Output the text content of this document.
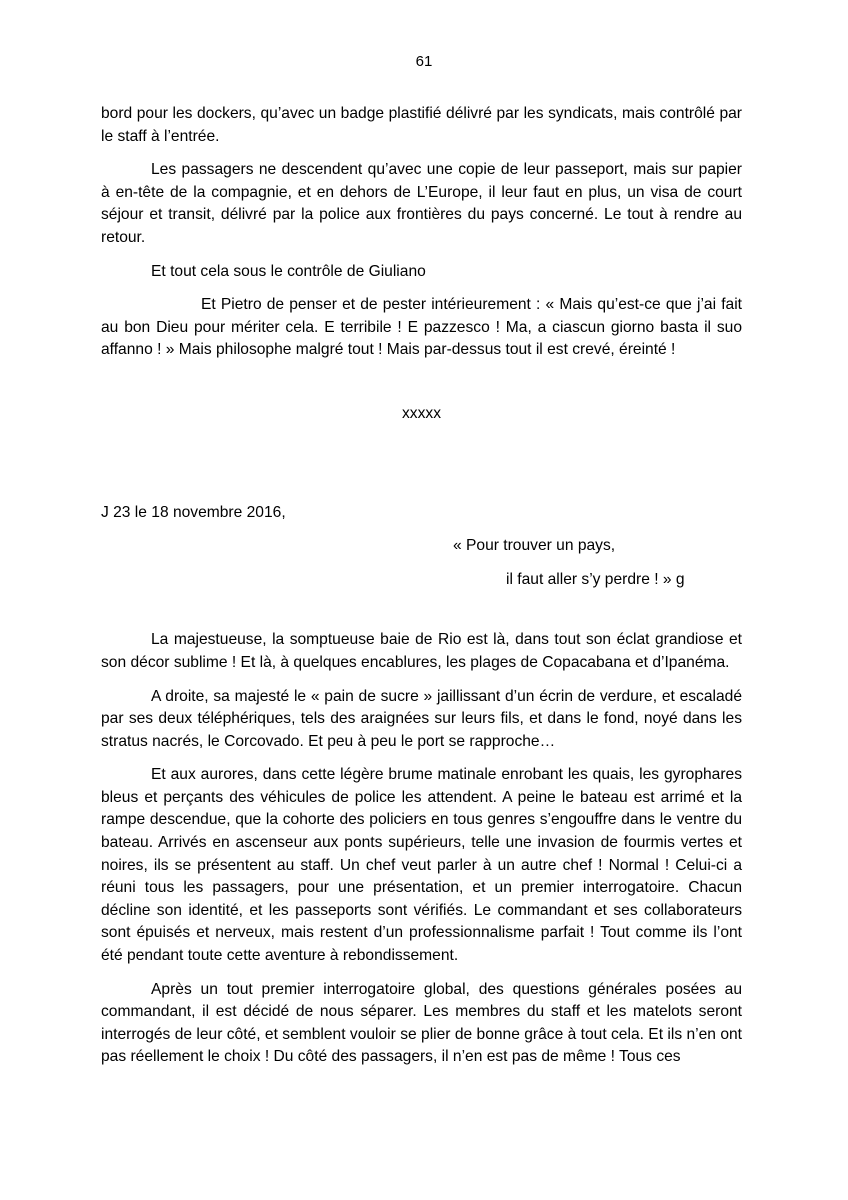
61

bord pour les dockers, qu’avec un badge plastifié délivré par les syndicats, mais contrôlé par le staff à l’entrée.

Les passagers ne descendent qu’avec une copie de leur passeport, mais sur papier à en-tête de la compagnie, et en dehors de L’Europe, il leur faut en plus, un visa de court séjour et transit, délivré par la police aux frontières du pays concerné. Le tout à rendre au retour.

Et tout cela sous le contrôle de Giuliano

Et Pietro de penser et de pester intérieurement : « Mais qu’est-ce que j’ai fait au bon Dieu pour mériter cela. E terribile ! E pazzesco ! Ma, a ciascun giorno basta il suo affanno ! » Mais philosophe malgré tout ! Mais par-dessus tout il est crevé, éreinté !

xxxxx

J 23 le 18 novembre 2016,

« Pour trouver un pays,

il faut aller s’y perdre ! » g

La majestueuse, la somptueuse baie de Rio est là, dans tout son éclat grandiose et son décor sublime ! Et là, à quelques encablures, les plages de Copacabana et d’Ipanéma.

A droite, sa majesté le « pain de sucre » jaillissant d’un écrin de verdure, et escaladé par ses deux téléphériques, tels des araignées sur leurs fils, et dans le fond, noyé dans les stratus nacrés, le Corcovado. Et peu à peu le port se rapproche…

Et aux aurores, dans cette légère brume matinale enrobant les quais, les gyrophares bleus et perçants des véhicules de police les attendent. A peine le bateau est arrimé et la rampe descendue, que la cohorte des policiers en tous genres s’engouffre dans le ventre du bateau. Arrivés en ascenseur aux ponts supérieurs, telle une invasion de fourmis vertes et noires, ils se présentent au staff. Un chef veut parler à un autre chef ! Normal ! Celui-ci a réuni tous les passagers, pour une présentation, et un premier interrogatoire. Chacun décline son identité, et les passeports sont vérifiés. Le commandant et ses collaborateurs sont épuisés et nerveux, mais restent d’un professionnalisme parfait ! Tout comme ils l’ont été pendant toute cette aventure à rebondissement.

Après un tout premier interrogatoire global, des questions générales posées au commandant, il est décidé de nous séparer. Les membres du staff et les matelots seront interrogés de leur côté, et semblent vouloir se plier de bonne grâce à tout cela. Et ils n’en ont pas réellement le choix ! Du côté des passagers, il n’en est pas de même ! Tous ces
